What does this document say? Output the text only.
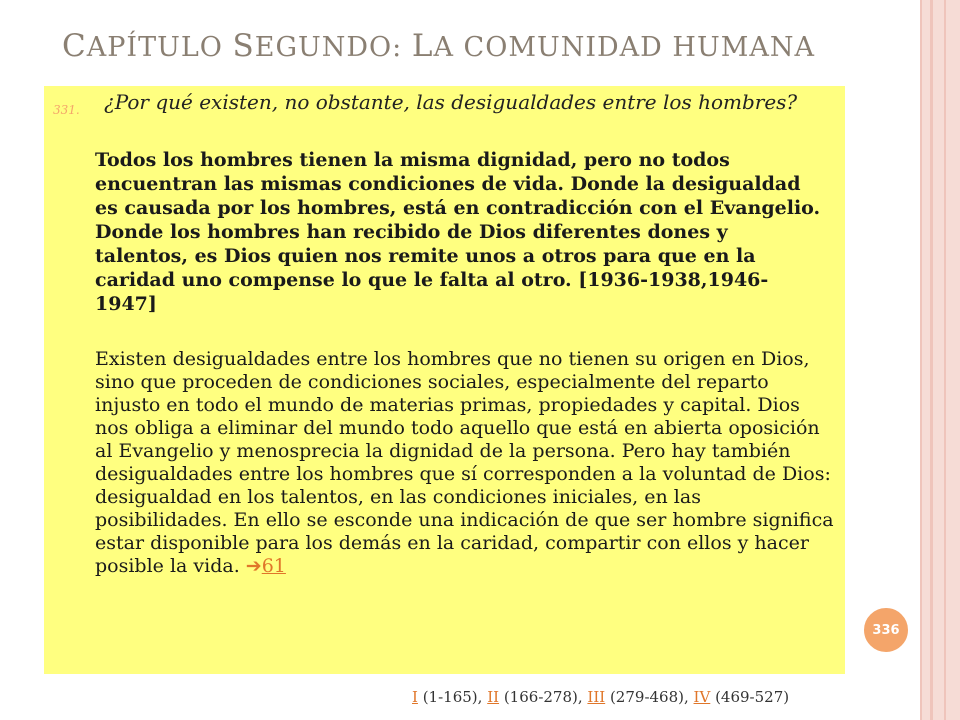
CAPÍTULO SEGUNDO: LA COMUNIDAD HUMANA
331. ¿Por qué existen, no obstante, las desigualdades entre los hombres?

Todos los hombres tienen la misma dignidad, pero no todos encuentran las mismas condiciones de vida. Donde la desigualdad es causada por los hombres, está en contradicción con el Evangelio. Donde los hombres han recibido de Dios diferentes dones y talentos, es Dios quien nos remite unos a otros para que en la caridad uno compense lo que le falta al otro. [1936-1938,1946-1947]

Existen desigualdades entre los hombres que no tienen su origen en Dios, sino que proceden de condiciones sociales, especialmente del reparto injusto en todo el mundo de materias primas, propiedades y capital. Dios nos obliga a eliminar del mundo todo aquello que está en abierta oposición al Evangelio y menosprecia la dignidad de la persona. Pero hay también desigualdades entre los hombres que sí corresponden a la voluntad de Dios: desigualdad en los talentos, en las condiciones iniciales, en las posibilidades. En ello se esconde una indicación de que ser hombre significa estar disponible para los demás en la caridad, compartir con ellos y hacer posible la vida. ➔61

336
I (1-165), II (166-278), III (279-468), IV (469-527)
